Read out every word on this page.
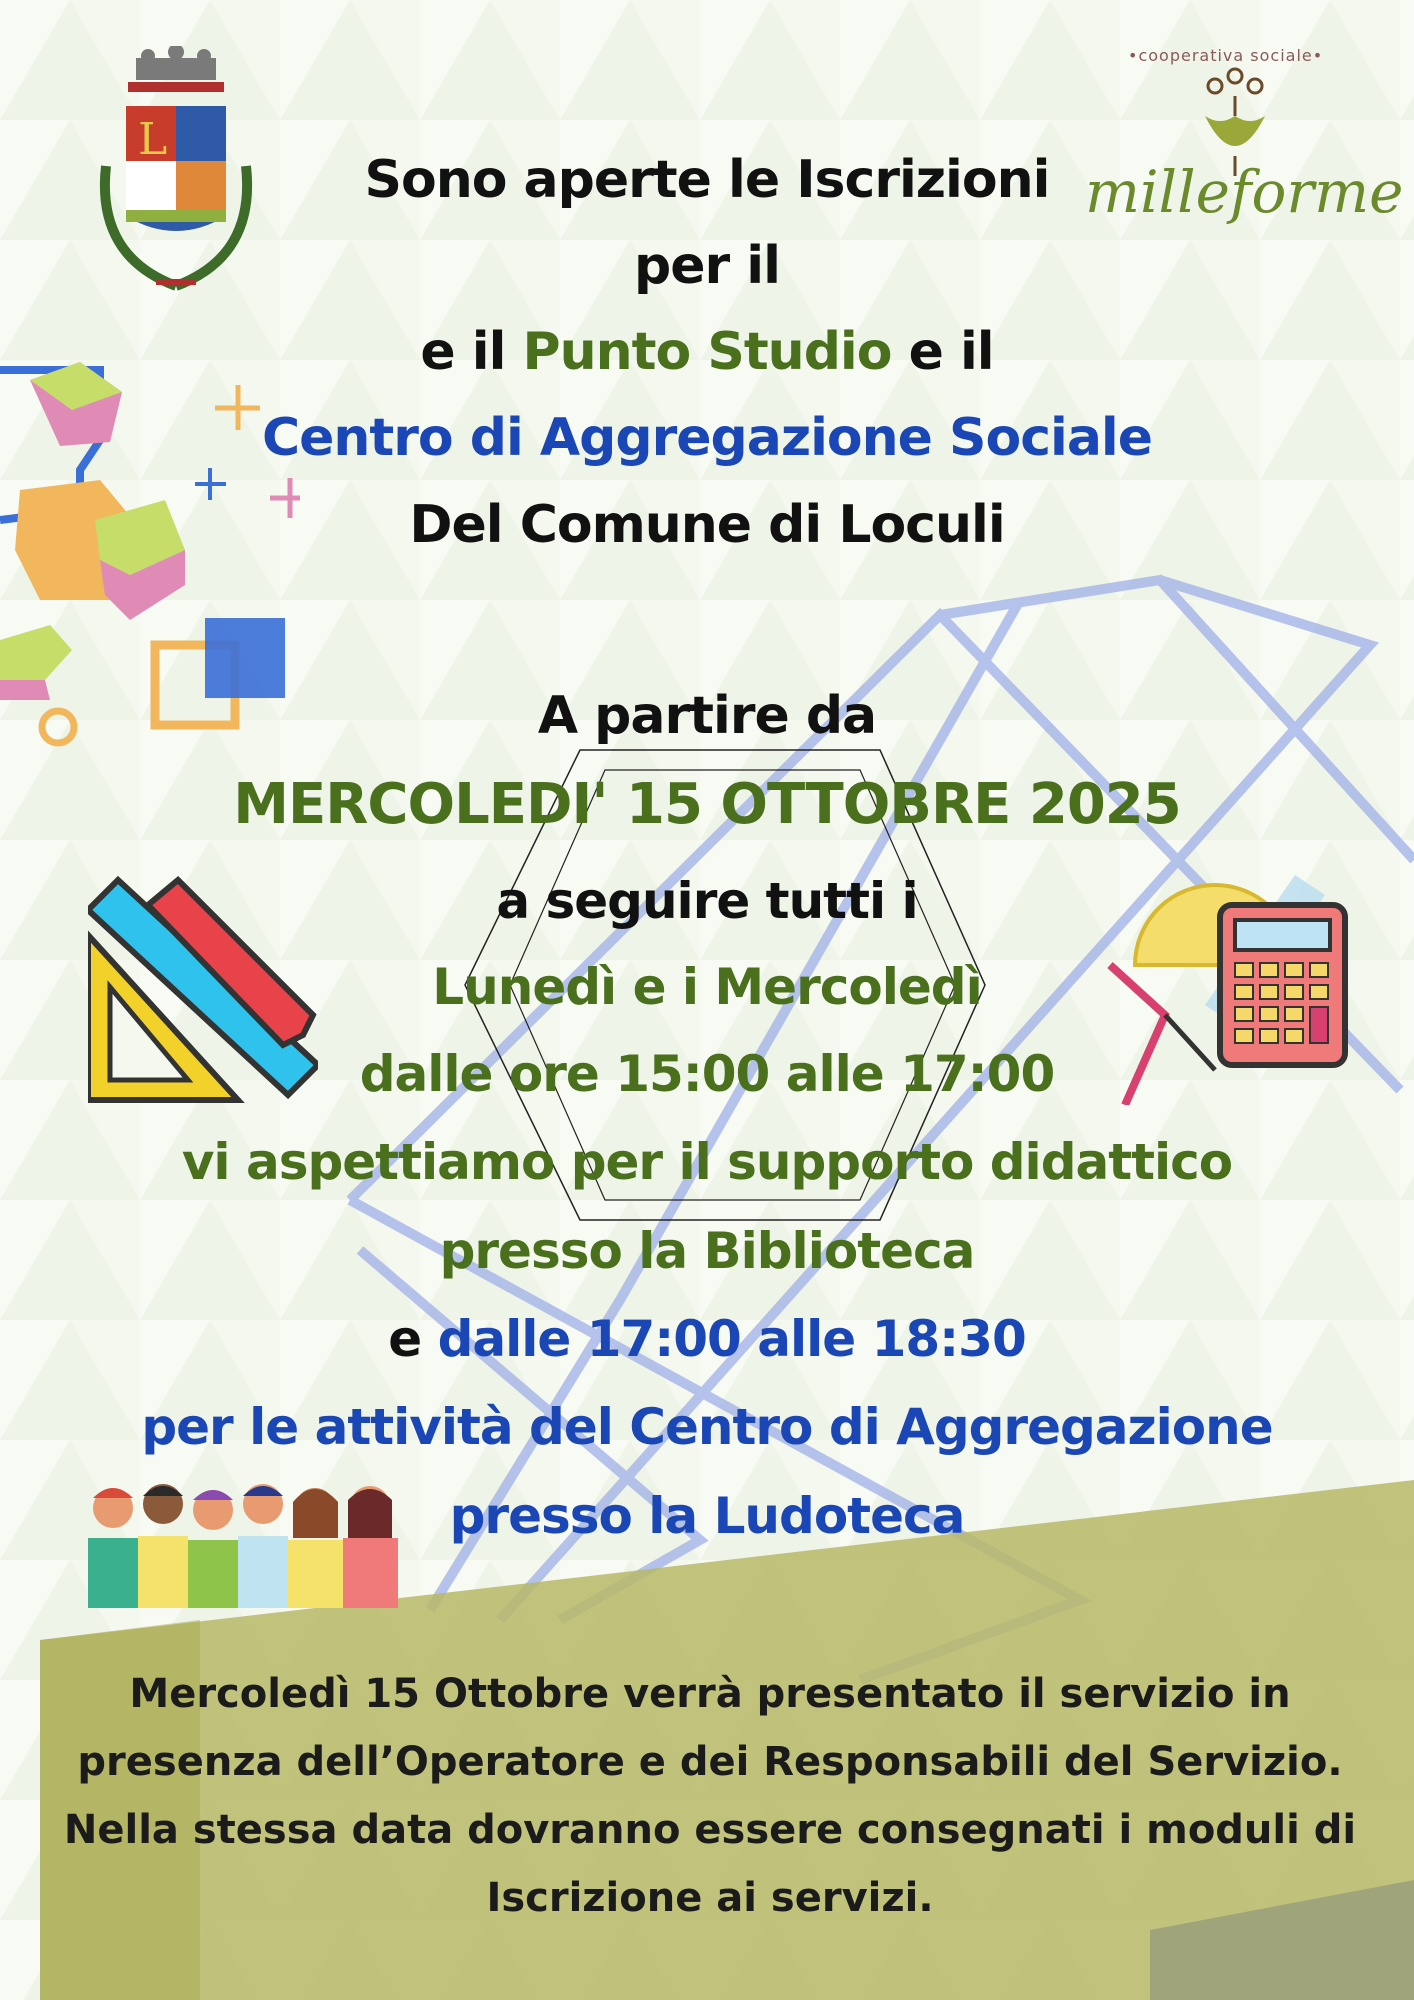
L
•cooperativa sociale•
milleforme
Sono aperte le Iscrizioni
per il
e il Punto Studio e il
Centro di Aggregazione Sociale
Del Comune di Loculi
A partire da
MERCOLEDI' 15 OTTOBRE 2025
a seguire tutti i
Lunedì e i Mercoledì
dalle ore 15:00 alle 17:00
vi aspettiamo per il supporto didattico
presso la Biblioteca
e dalle 17:00 alle 18:30
per le attività del Centro di Aggregazione
presso la Ludoteca
Mercoledì 15 Ottobre verrà presentato il servizio in presenza dell’Operatore e dei Responsabili del Servizio. Nella stessa data dovranno essere consegnati i moduli di Iscrizione ai servizi.
